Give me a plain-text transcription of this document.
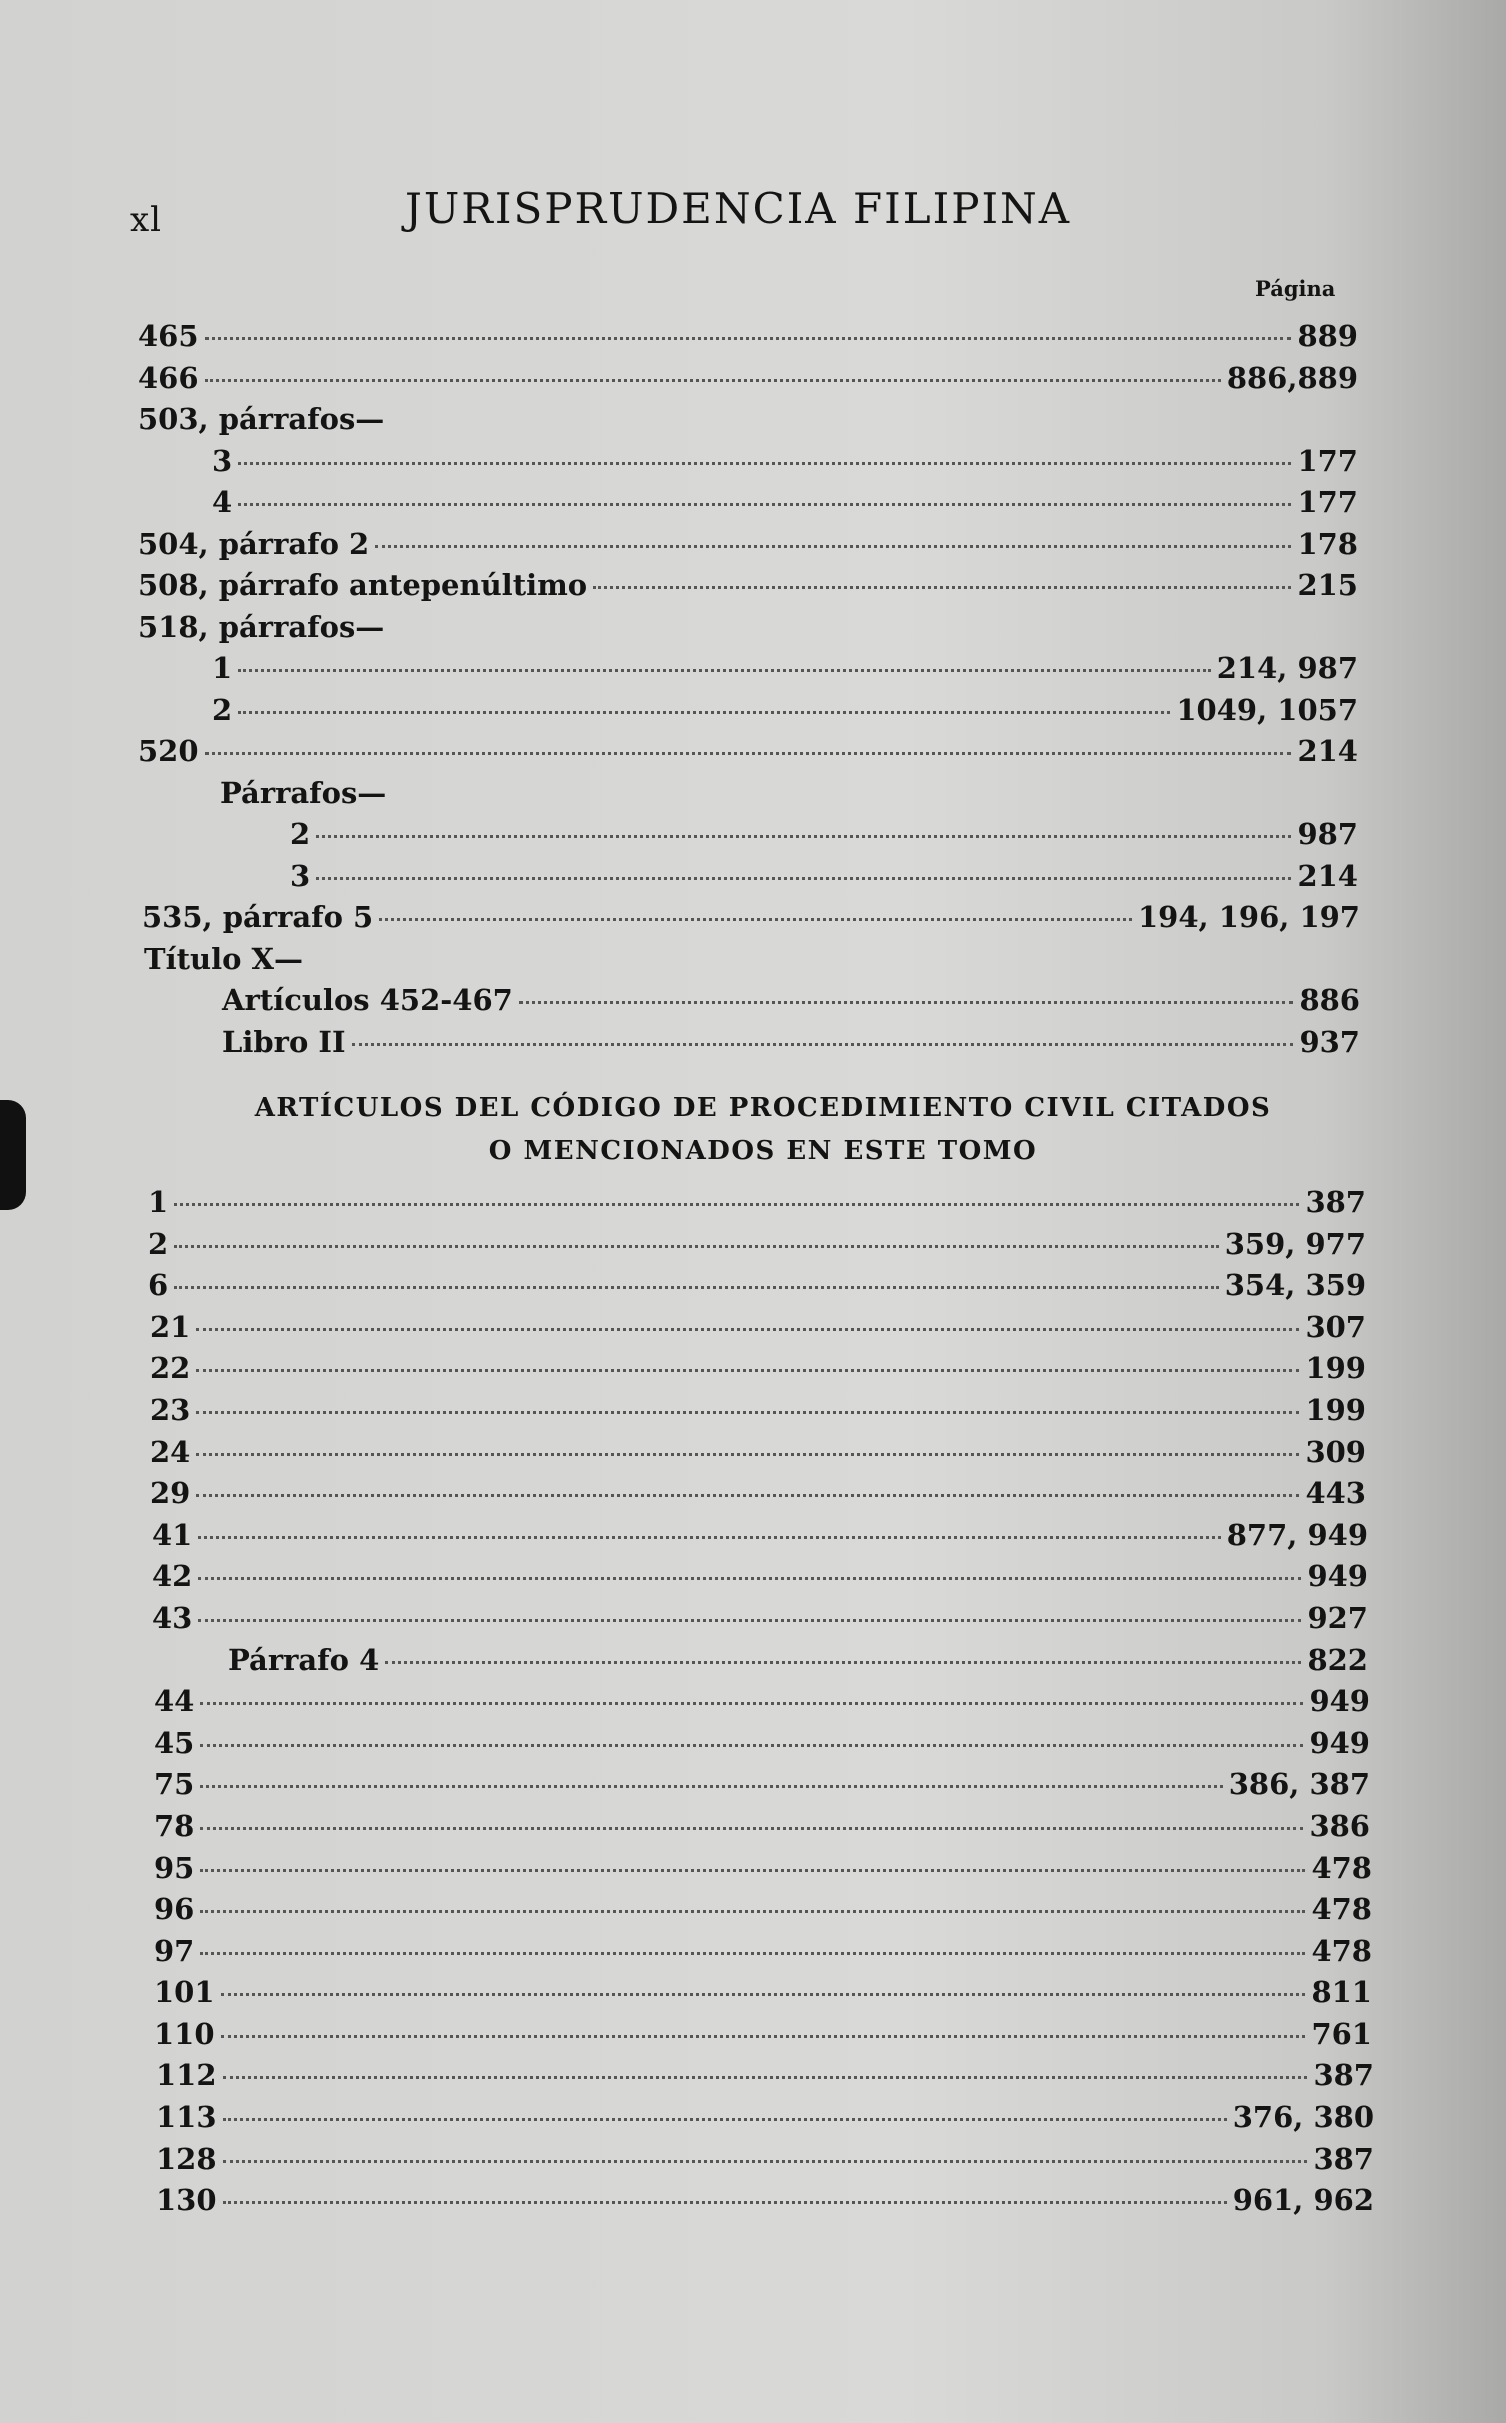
xl	JURISPRUDENCIA FILIPINA
Página
465	889
466	886,889
503, párrafos—
3	177
4	177
504, párrafo 2	178
508, párrafo antepenúltimo	215
518, párrafos—
1	214, 987
2	1049, 1057
520	214
Párrafos—
2	987
3	214
535, párrafo 5	194, 196, 197
Título X—
Artículos 452-467	886
Libro II	937
ARTÍCULOS DEL CÓDIGO DE PROCEDIMIENTO CIVIL CITADOS
O MENCIONADOS EN ESTE TOMO
1	387
2	359, 977
6	354, 359
21	307
22	199
23	199
24	309
29	443
41	877, 949
42	949
43	927
Párrafo 4	822
44	949
45	949
75	386, 387
78	386
95	478
96	478
97	478
101	811
110	761
112	387
113	376, 380
128	387
130	961, 962
